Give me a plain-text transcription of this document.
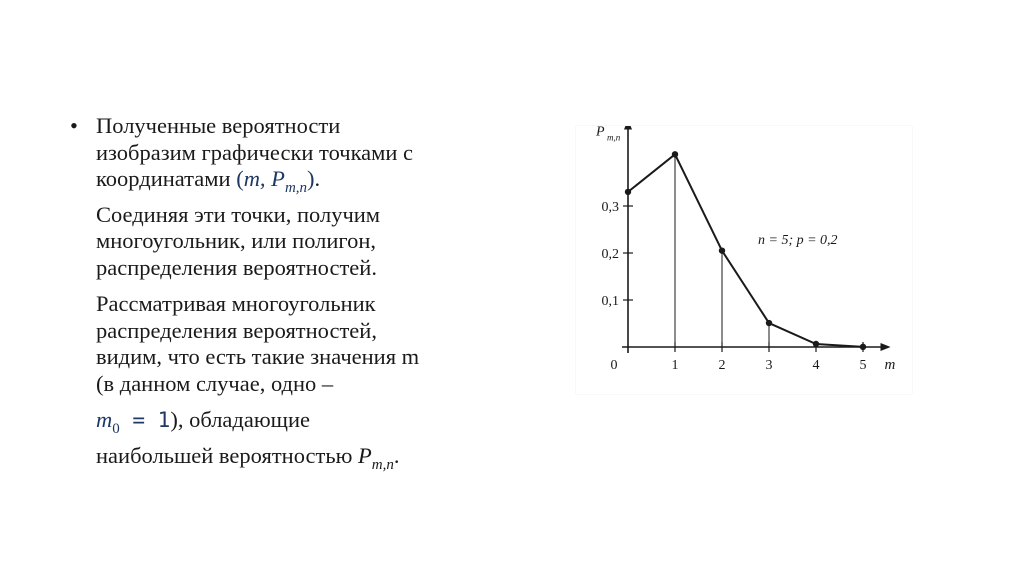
• Полученные вероятности
изобразим графически точками с
координатами (m, $P_{m,n}$).
Соединяя эти точки, получим
многоугольник, или полигон,
распределения вероятностей.
Рассматривая многоугольник
распределения вероятностей,
видим, что есть такие значения m
(в данном случае, одно –
$m_0 = 1$), обладающие
наибольшей вероятностью $P_{m,n}$.
1	2	3	4	5
0,1
0,2
0,3
0	m
P m,n
n = 5; p = 0,2
